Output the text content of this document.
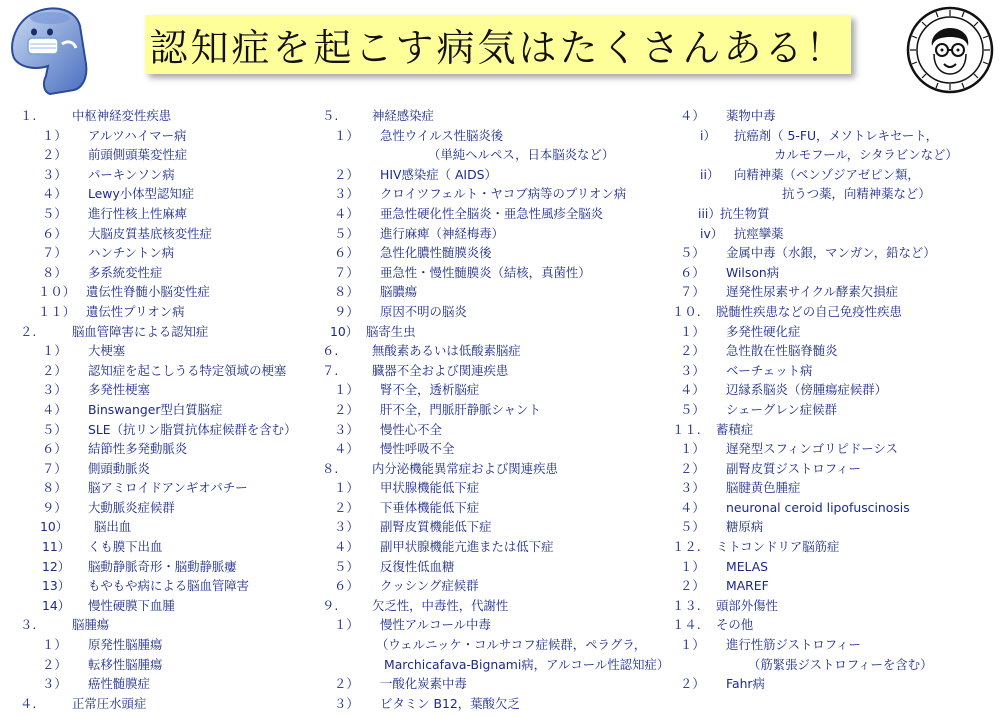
認知症を起こす病気はたくさんある！
１.	中枢神経変性疾患
１） アルツハイマー病
２） 前頭側頭葉変性症
３） パーキンソン病
４） Lewy小体型認知症
５） 進行性核上性麻痺
６） 大脳皮質基底核変性症
７） ハンチントン病
８） 多系統変性症
１０） 遺伝性脊髄小脳変性症
１１） 遺伝性プリオン病
２.	脳血管障害による認知症
１） 大梗塞
２） 認知症を起こしうる特定領域の梗塞
３） 多発性梗塞
４） Binswanger型白質脳症
５） SLE（抗リン脂質抗体症候群を含む）
６） 結節性多発動脈炎
７） 側頭動脈炎
８） 脳アミロイドアンギオパチー
９） 大動脈炎症候群
10） 脳出血
11） くも膜下出血
12） 脳動静脈奇形・脳動静脈瘻
13） もやもや病による脳血管障害
14） 慢性硬膜下血腫
３.	脳腫瘍
１） 原発性脳腫瘍
２） 転移性脳腫瘍
３） 癌性髄膜症
４.	正常圧水頭症
５.	神経感染症
１） 急性ウイルス性脳炎後
（単純ヘルペス，日本脳炎など）
２） HIV感染症（ AIDS）
３） クロイツフェルト・ヤコブ病等のプリオン病
４） 亜急性硬化性全脳炎・亜急性風疹全脳炎
５） 進行麻痺（神経梅毒）
６） 急性化膿性髄膜炎後
７） 亜急性・慢性髄膜炎（結核，真菌性）
８） 脳膿瘍
９） 原因不明の脳炎
10） 脳寄生虫
６.	無酸素あるいは低酸素脳症
７.	臓器不全および関連疾患
１） 腎不全，透析脳症
２） 肝不全，門脈肝静脈シャント
３） 慢性心不全
４） 慢性呼吸不全
８.	内分泌機能異常症および関連疾患
１） 甲状腺機能低下症
２） 下垂体機能低下症
３） 副腎皮質機能低下症
４） 副甲状腺機能亢進または低下症
５） 反復性低血糖
６） クッシング症候群
９.	欠乏性，中毒性，代謝性
１） 慢性アルコール中毒
（ウェルニッケ・コルサコフ症候群，ペラグラ，
Marchicafava-Bignami病，アルコール性認知症）
２） 一酸化炭素中毒
３） ビタミン B12，葉酸欠乏
４） 薬物中毒
i） 抗癌剤（ 5-FU，メソトレキセート，
カルモフール，シタラビンなど）
ii） 向精神薬（ベンゾジアゼピン類，
抗うつ薬，向精神薬など）
iii） 抗生物質
iv） 抗痙攣薬
５） 金属中毒（水銀，マンガン，鉛など）
６） Wilson病
７） 遅発性尿素サイクル酵素欠損症
１０. 脱髄性疾患などの自己免疫性疾患
１） 多発性硬化症
２） 急性散在性脳脊髄炎
３） ベーチェット病
４） 辺縁系脳炎（傍腫瘍症候群）
５） シェーグレン症候群
１１. 蓄積症
１） 遅発型スフィンゴリピドーシス
２） 副腎皮質ジストロフィー
３） 脳腱黄色腫症
４） neuronal ceroid lipofuscinosis
５） 糖原病
１２. ミトコンドリア脳筋症
１） MELAS
２） MAREF
１３. 頭部外傷性
１４. その他
１） 進行性筋ジストロフィー
（筋緊張ジストロフィーを含む）
２） Fahr病
